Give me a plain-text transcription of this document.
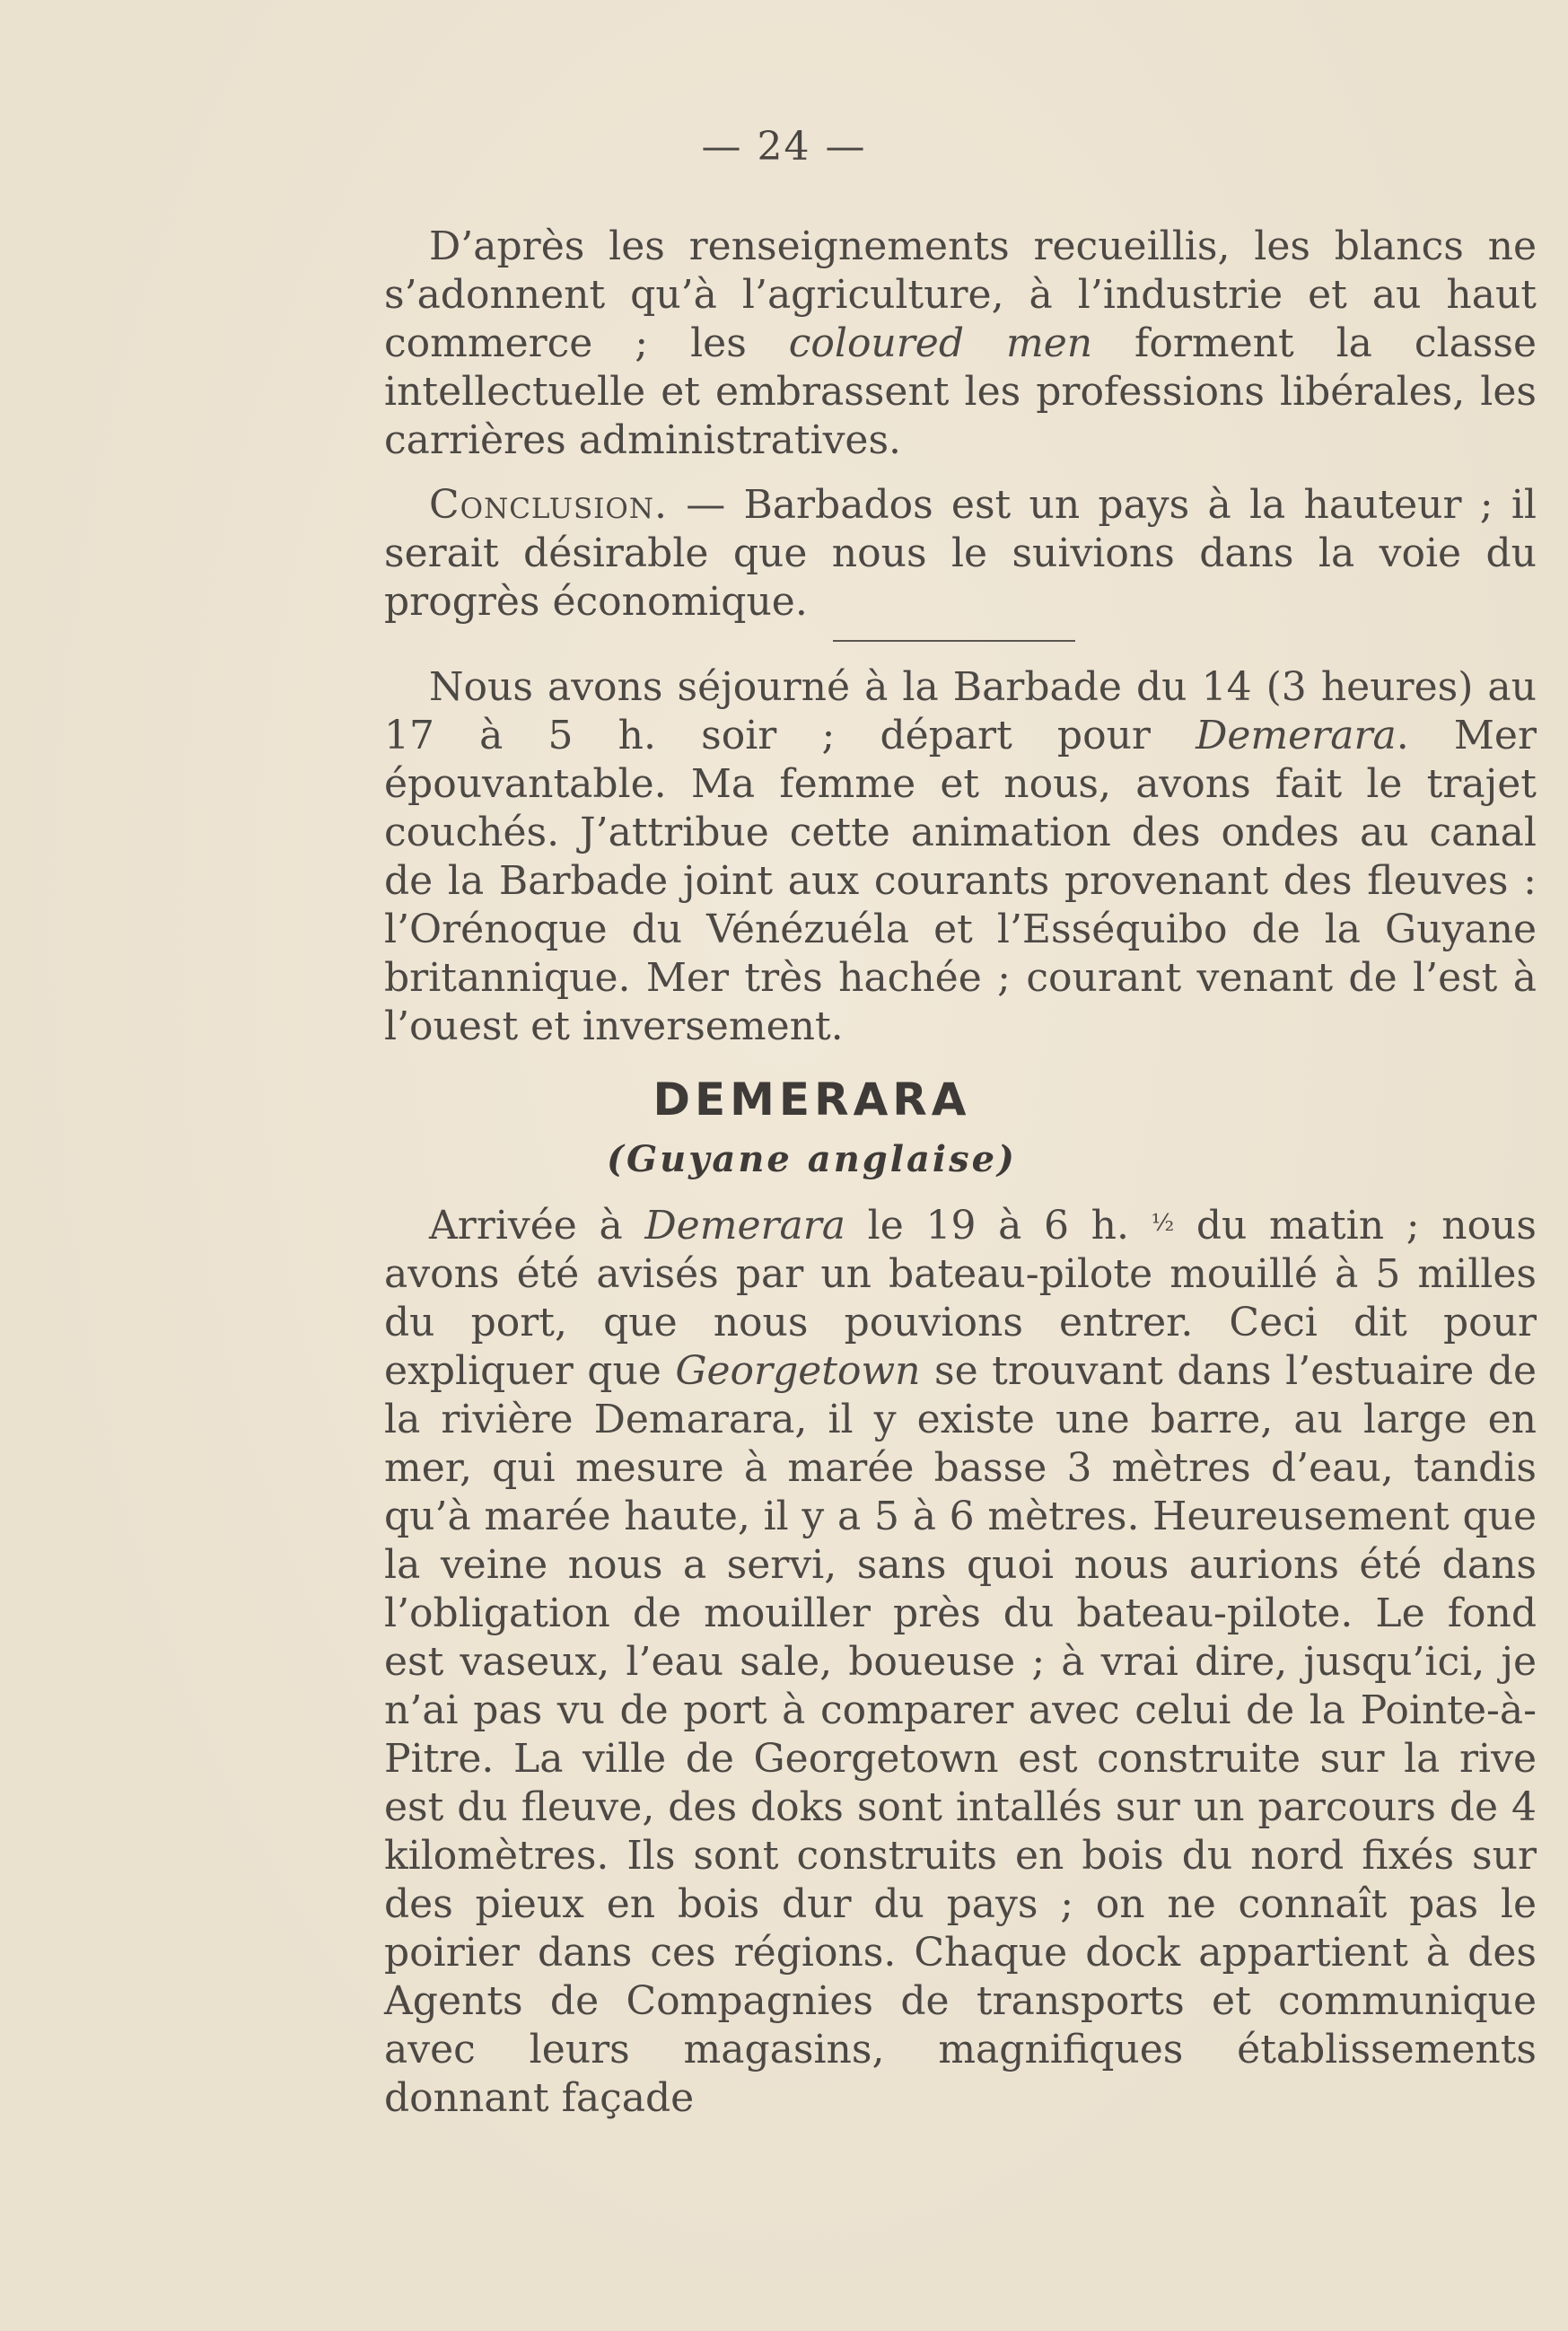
— 24 —

D’après les renseignements recueillis, les blancs ne s’adonnent qu’à l’agriculture, à l’industrie et au haut commerce ; les coloured men forment la classe intellectuelle et embrassent les professions libérales, les carrières administratives.

Conclusion. — Barbados est un pays à la hauteur ; il serait désirable que nous le suivions dans la voie du progrès économique.

Nous avons séjourné à la Barbade du 14 (3 heures) au 17 à 5 h. soir ; départ pour Demerara. Mer épouvantable. Ma femme et nous, avons fait le trajet couchés. J’attribue cette animation des ondes au canal de la Barbade joint aux courants provenant des fleuves : l’Orénoque du Vénézuéla et l’Esséquibo de la Guyane britannique. Mer très hachée ; courant venant de l’est à l’ouest et inversement.

DEMERARA
(Guyane anglaise)

Arrivée à Demerara le 19 à 6 h. $^{\frac{1}{2}}$ du matin ; nous avons été avisés par un bateau-pilote mouillé à 5 milles du port, que nous pouvions entrer. Ceci dit pour expliquer que Georgetown se trouvant dans l’estuaire de la rivière Demarara, il y existe une barre, au large en mer, qui mesure à marée basse 3 mètres d’eau, tandis qu’à marée haute, il y a 5 à 6 mètres. Heureusement que la veine nous a servi, sans quoi nous aurions été dans l’obligation de mouiller près du bateau-pilote. Le fond est vaseux, l’eau sale, boueuse ; à vrai dire, jusqu’ici, je n’ai pas vu de port à comparer avec celui de la Pointe-à-Pitre. La ville de Georgetown est construite sur la rive est du fleuve, des doks sont intallés sur un parcours de 4 kilomètres. Ils sont construits en bois du nord fixés sur des pieux en bois dur du pays ; on ne connaît pas le poirier dans ces régions. Chaque dock appartient à des Agents de Compagnies de transports et communique avec leurs magasins, magnifiques établissements donnant façade
